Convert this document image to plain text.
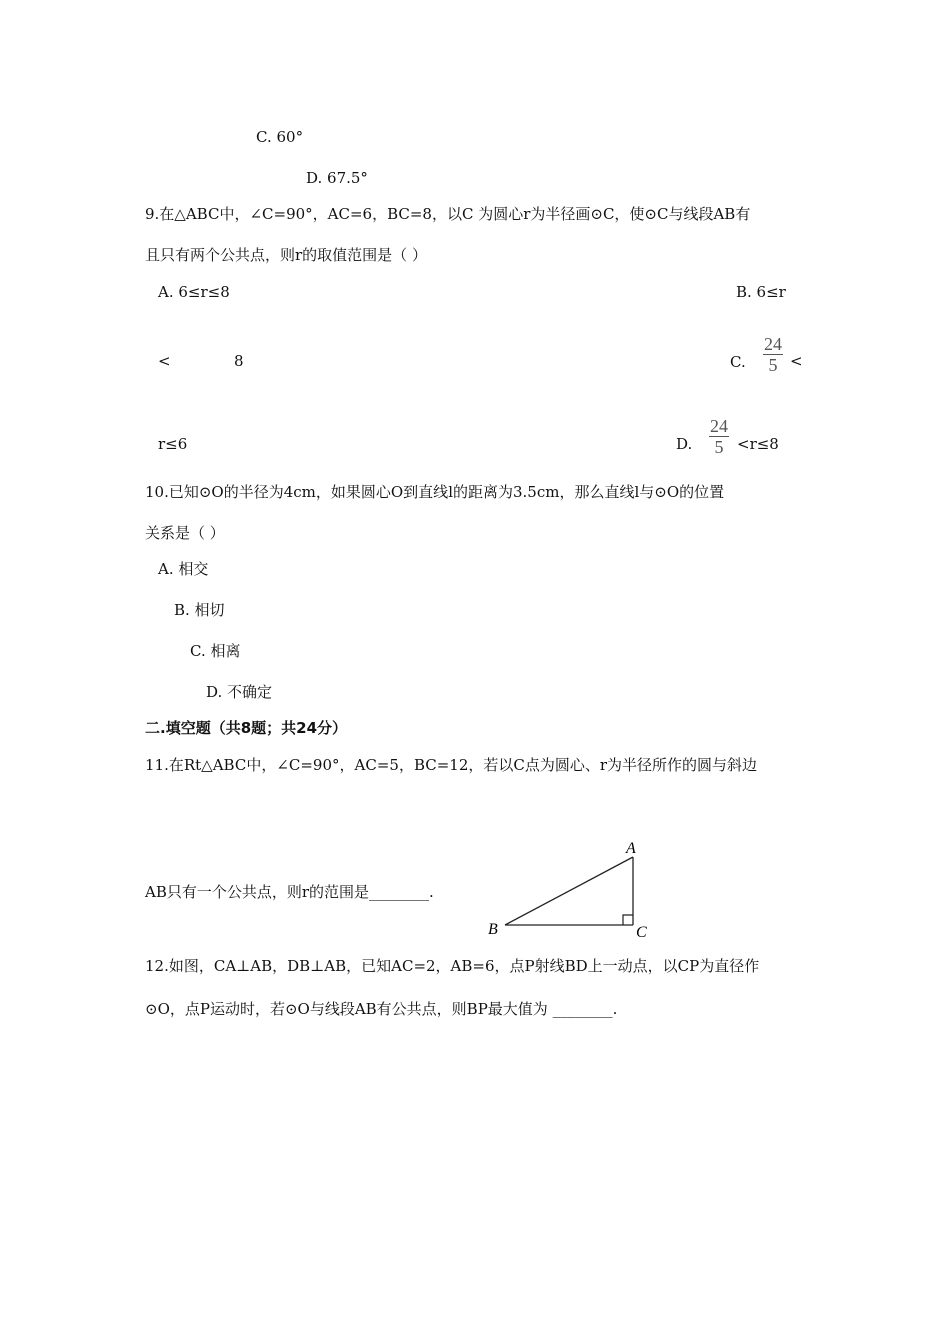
C. 60°
D. 67.5°
9.在△ABC中，∠C=90°，AC=6，BC=8，以C 为圆心r为半径画⊙C，使⊙C与线段AB有
且只有两个公共点，则r的取值范围是（ ）
A. 6≤r≤8	B. 6≤r
<	8	C. $\frac{24}{5}$ <
r≤6	D. $\frac{24}{5} <r\le 8$
10.已知⊙O的半径为4cm，如果圆心O到直线l的距离为3.5cm，那么直线l与⊙O的位置
关系是（ ）
A. 相交
B. 相切
C. 相离
D. 不确定
二.填空题（共8题；共24分）
11.在Rt△ABC中，∠C=90°，AC=5，BC=12，若以C点为圆心、r为半径所作的圆与斜边
AB只有一个公共点，则r的范围是________.
A
B	C
12.如图，CA⊥AB，DB⊥AB，已知AC=2，AB=6，点P射线BD上一动点，以CP为直径作
⊙O，点P运动时，若⊙O与线段AB有公共点，则BP最大值为 ________.
